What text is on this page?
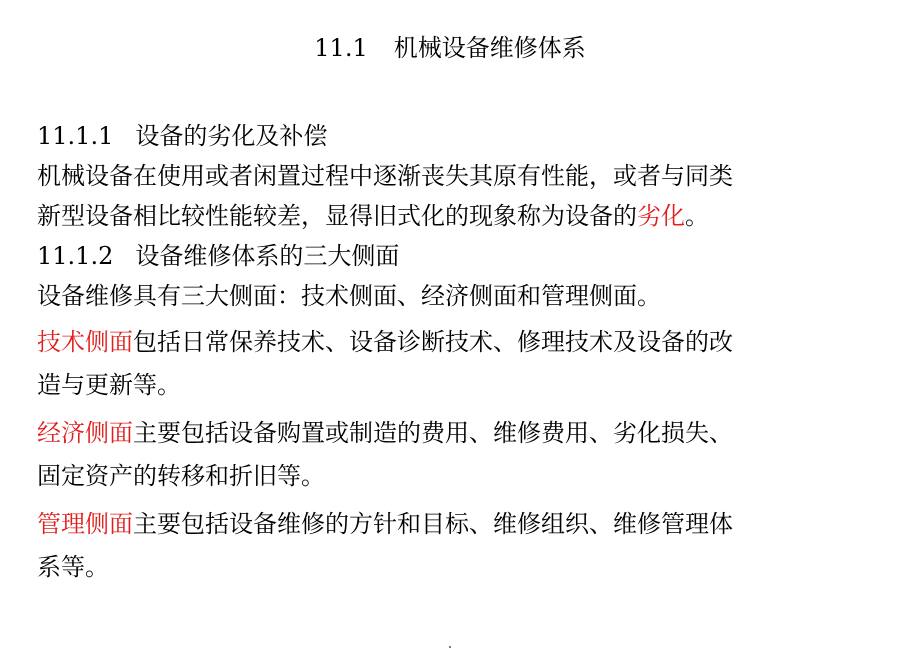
11.1 机械设备维修体系
11.1.1 设备的劣化及补偿
机械设备在使用或者闲置过程中逐渐丧失其原有性能，或者与同类
新型设备相比较性能较差，显得旧式化的现象称为设备的劣化。
11.1.2 设备维修体系的三大侧面
设备维修具有三大侧面：技术侧面、经济侧面和管理侧面。
技术侧面包括日常保养技术、设备诊断技术、修理技术及设备的改
造与更新等。
经济侧面主要包括设备购置或制造的费用、维修费用、劣化损失、
固定资产的转移和折旧等。
管理侧面主要包括设备维修的方针和目标、维修组织、维修管理体
系等。
